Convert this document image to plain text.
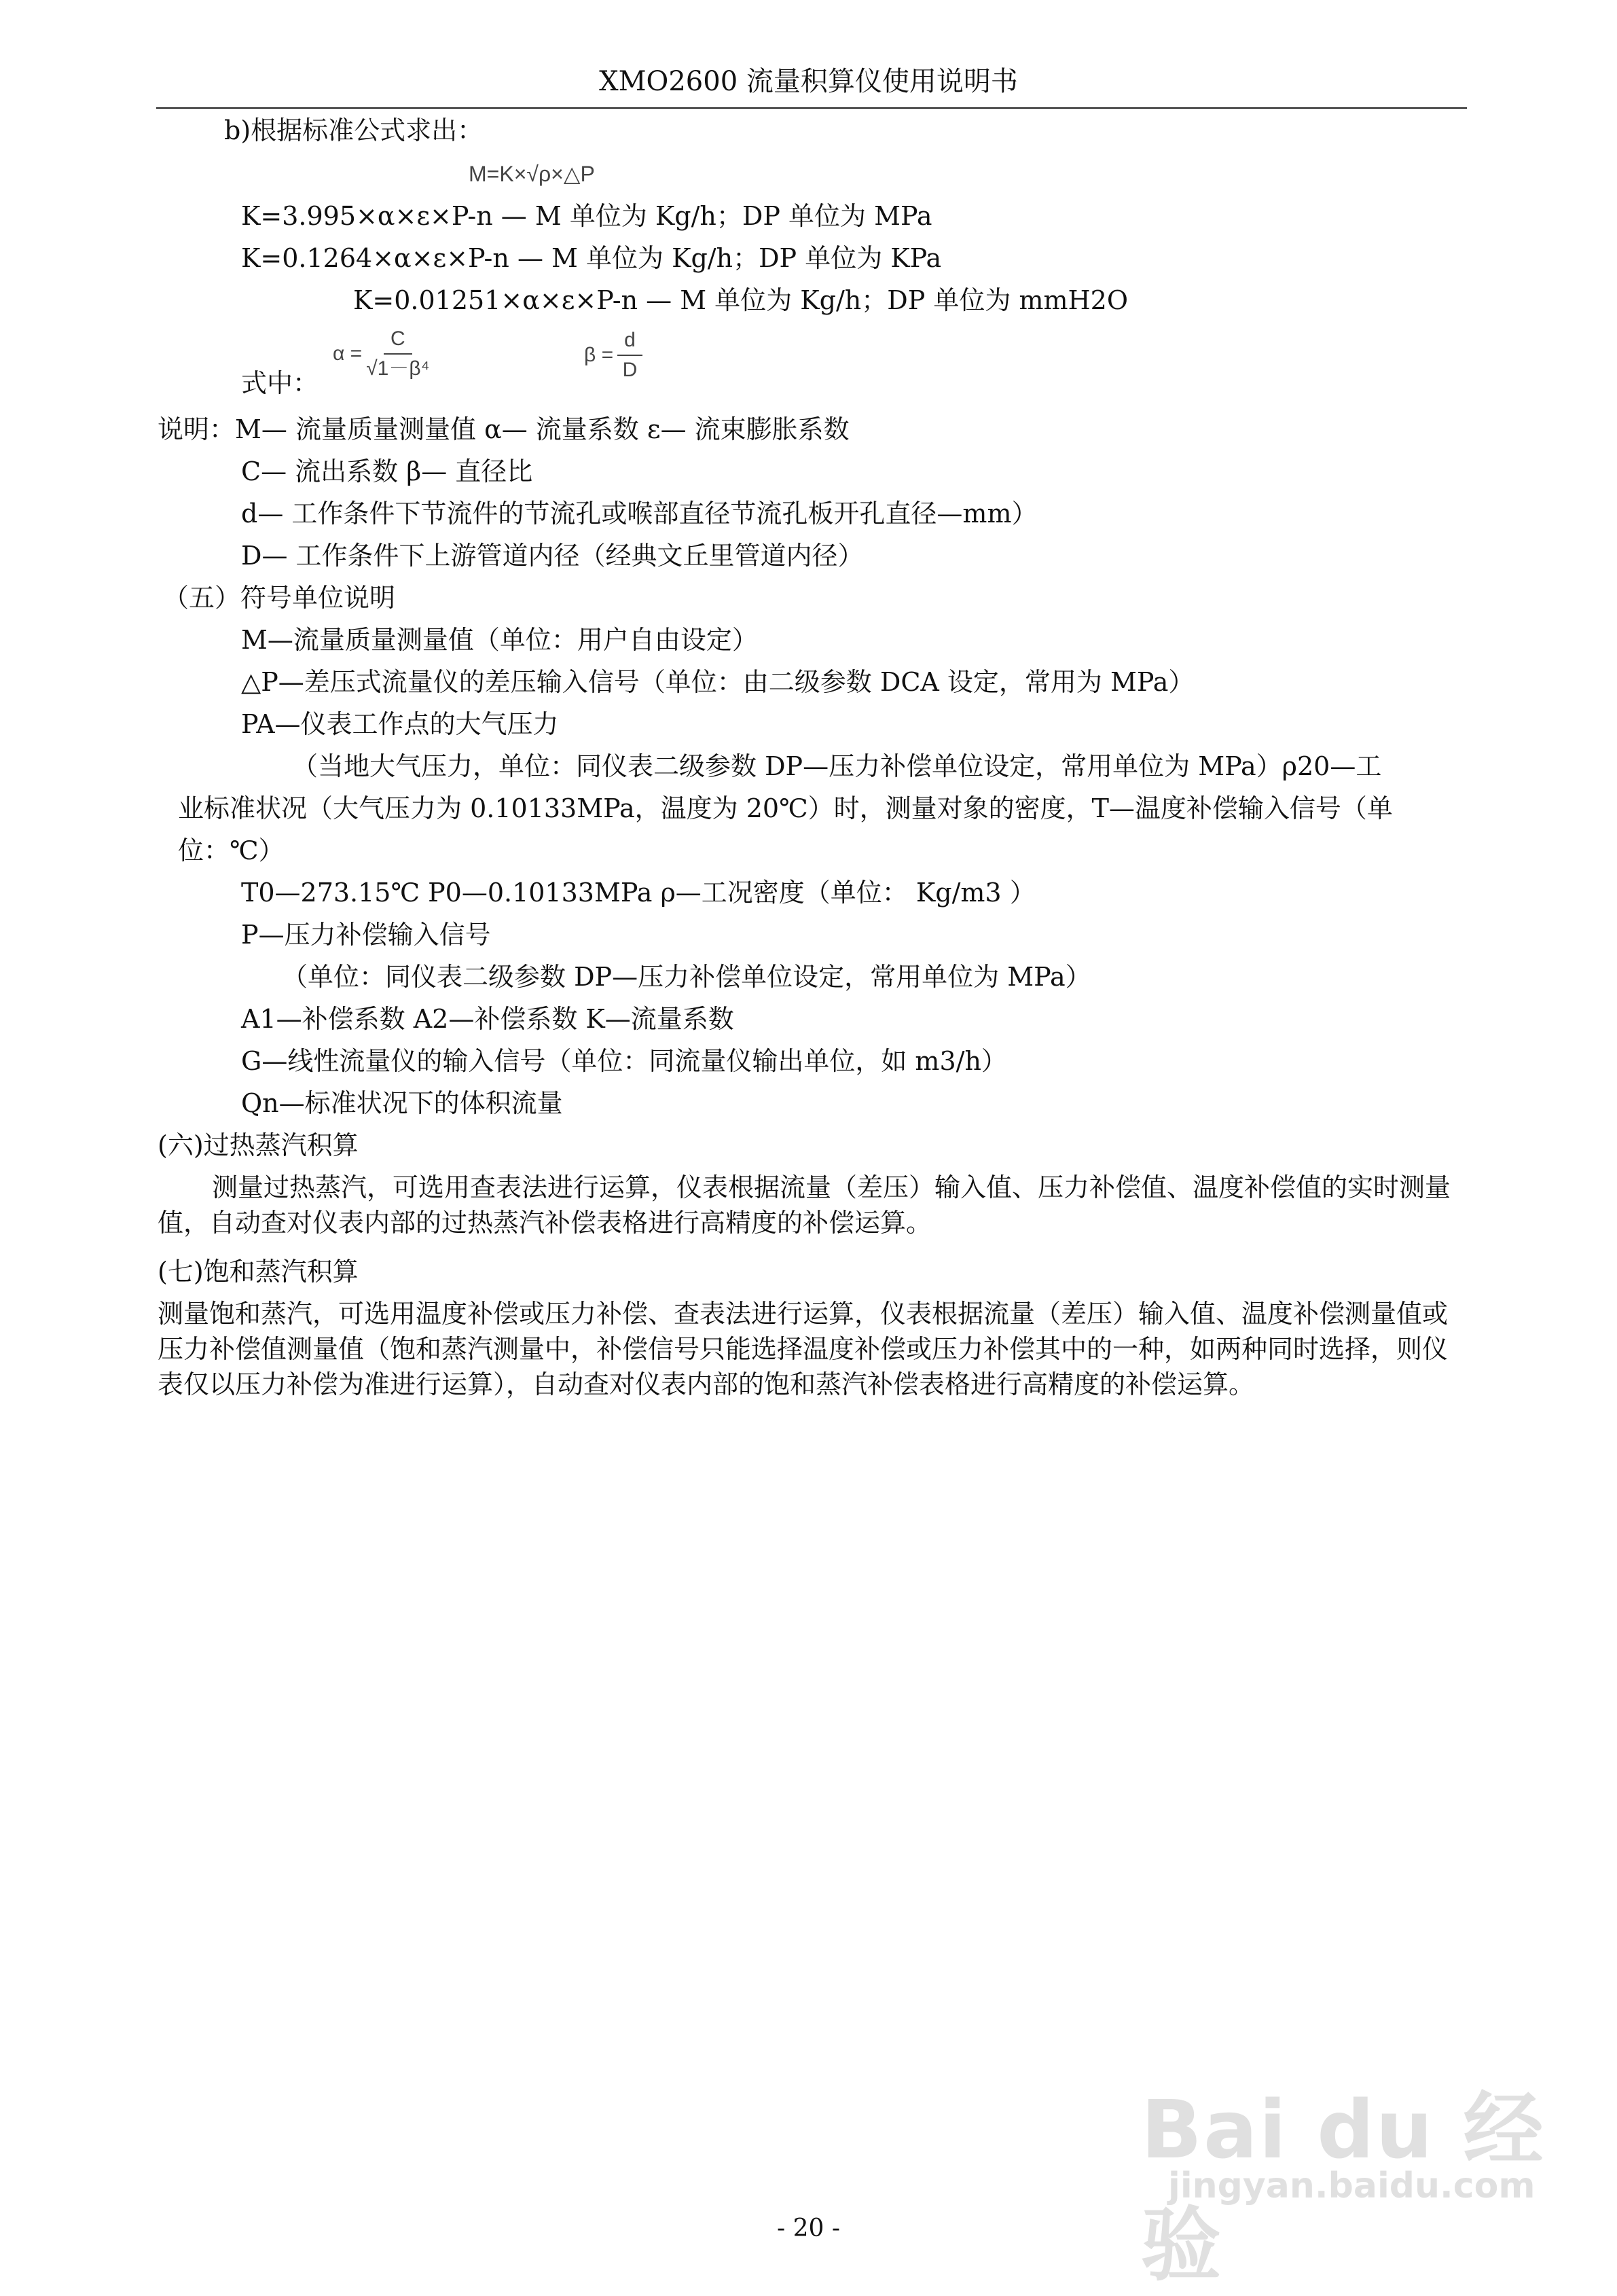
XMO2600 流量积算仪使用说明书
b)根据标准公式求出：
M=K×√ρ×△P
K=3.995×α×ε×P-n — M 单位为 Kg/h；DP 单位为 MPa
K=0.1264×α×ε×P-n — M 单位为 Kg/h；DP 单位为 KPa
K=0.01251×α×ε×P-n — M 单位为 Kg/h；DP 单位为 mmH2O
$\alpha = \frac{C}{\text{√1－β⁴}}$	$\beta = \frac{d}{D}$
式中：
说明：M— 流量质量测量值 α— 流量系数 ε— 流束膨胀系数
C— 流出系数 β— 直径比
d— 工作条件下节流件的节流孔或喉部直径节流孔板开孔直径—mm）
D— 工作条件下上游管道内径（经典文丘里管道内径）
（五）符号单位说明
M—流量质量测量值（单位：用户自由设定）
△P—差压式流量仪的差压输入信号（单位：由二级参数 DCA 设定，常用为 MPa）
PA—仪表工作点的大气压力
（当地大气压力，单位：同仪表二级参数 DP—压力补偿单位设定，常用单位为 MPa）ρ20—工
业标准状况（大气压力为 0.10133MPa，温度为 20℃）时，测量对象的密度，T—温度补偿输入信号（单
位：℃）
T0—273.15℃ P0—0.10133MPa ρ—工况密度（单位： Kg/m3 ）
P—压力补偿输入信号
（单位：同仪表二级参数 DP—压力补偿单位设定，常用单位为 MPa）
A1—补偿系数 A2—补偿系数 K—流量系数
G—线性流量仪的输入信号（单位：同流量仪输出单位，如 m3/h）
Qn—标准状况下的体积流量
(六)过热蒸汽积算
测量过热蒸汽，可选用查表法进行运算，仪表根据流量（差压）输入值、压力补偿值、温度补偿值的实时测量值，自动查对仪表内部的过热蒸汽补偿表格进行高精度的补偿运算。
(七)饱和蒸汽积算
测量饱和蒸汽，可选用温度补偿或压力补偿、查表法进行运算，仪表根据流量（差压）输入值、温度补偿测量值或压力补偿值测量值（饱和蒸汽测量中，补偿信号只能选择温度补偿或压力补偿其中的一种，如两种同时选择，则仪表仅以压力补偿为准进行运算），自动查对仪表内部的饱和蒸汽补偿表格进行高精度的补偿运算。
Bai du 经验
jingyan.baidu.com
- 20 -
